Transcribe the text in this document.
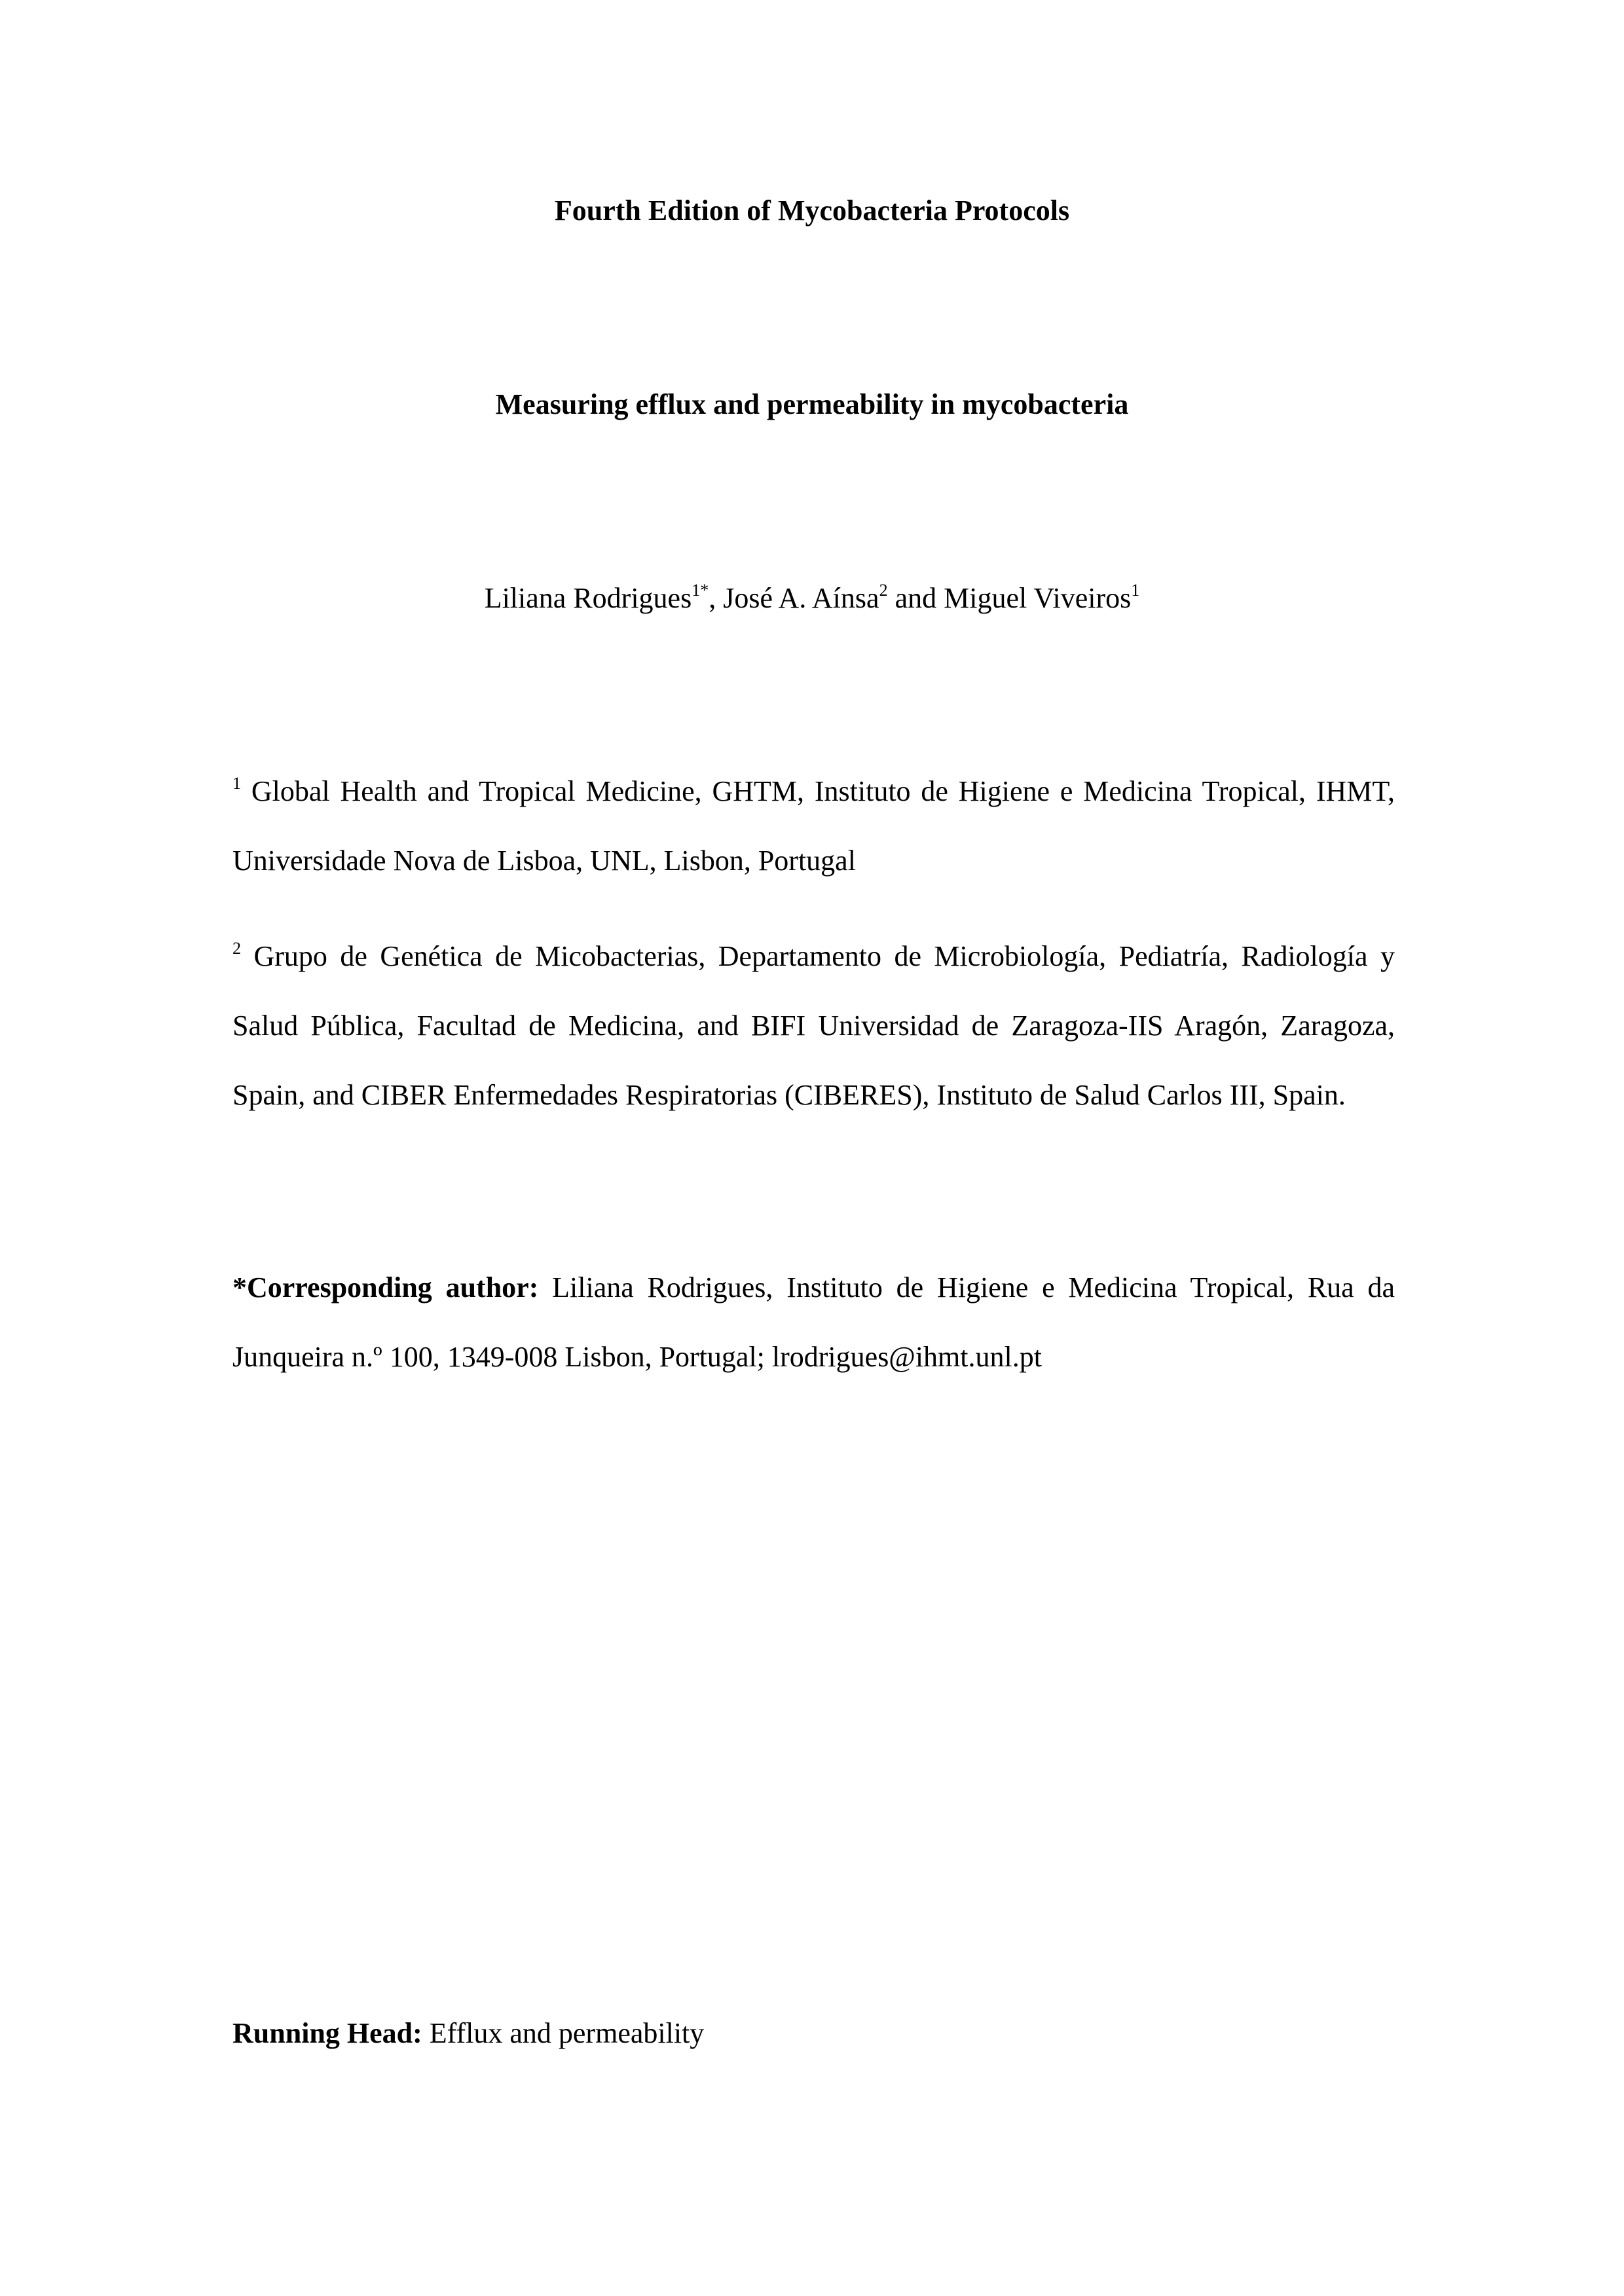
Fourth Edition of Mycobacteria Protocols
Measuring efflux and permeability in mycobacteria
Liliana Rodrigues$^{1*}$, José A. Aínsa$^2$ and Miguel Viveiros$^1$
$^1$ Global Health and Tropical Medicine, GHTM, Instituto de Higiene e Medicina Tropical, IHMT,
Universidade Nova de Lisboa, UNL, Lisbon, Portugal
$^2$ Grupo de Genética de Micobacterias, Departamento de Microbiología, Pediatría, Radiología y
Salud Pública, Facultad de Medicina, and BIFI Universidad de Zaragoza-IIS Aragón, Zaragoza,
Spain, and CIBER Enfermedades Respiratorias (CIBERES), Instituto de Salud Carlos III, Spain.
*Corresponding author: Liliana Rodrigues, Instituto de Higiene e Medicina Tropical, Rua da
Junqueira n.º 100, 1349-008 Lisbon, Portugal; lrodrigues@ihmt.unl.pt
Running Head: Efflux and permeability
